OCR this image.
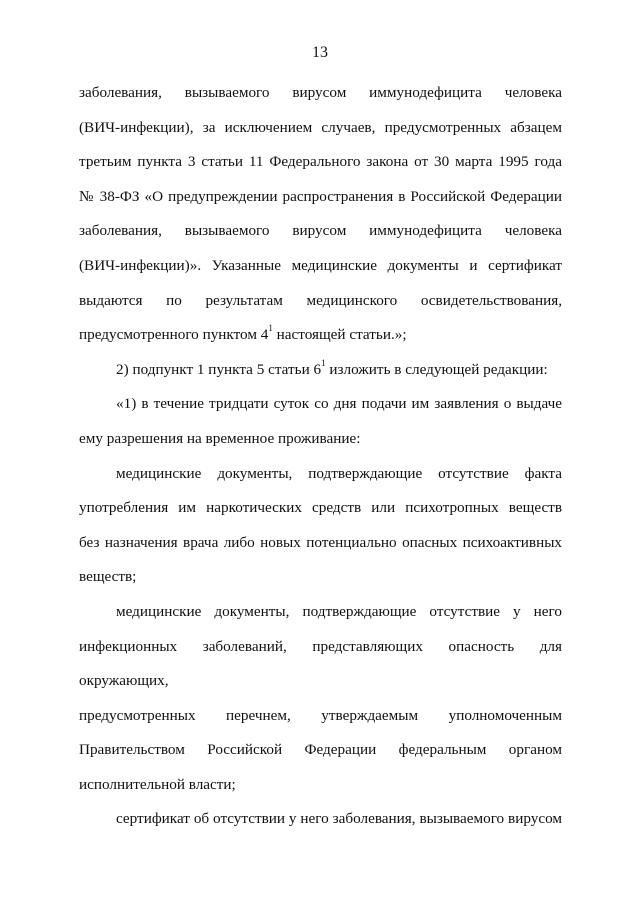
13
заболевания, вызываемого вирусом иммунодефицита человека
(ВИЧ-инфекции), за исключением случаев, предусмотренных абзацем
третьим пункта 3 статьи 11 Федерального закона от 30 марта 1995 года
№ 38-ФЗ «О предупреждении распространения в Российской Федерации
заболевания, вызываемого вирусом иммунодефицита человека
(ВИЧ-инфекции)». Указанные медицинские документы и сертификат
выдаются по результатам медицинского освидетельствования,
предусмотренного пунктом $4^1$ настоящей статьи.»;
2) подпункт 1 пункта 5 статьи $6^1$ изложить в следующей редакции:
«1) в течение тридцати суток со дня подачи им заявления о выдаче
ему разрешения на временное проживание:
медицинские документы, подтверждающие отсутствие факта
употребления им наркотических средств или психотропных веществ
без назначения врача либо новых потенциально опасных психоактивных
веществ;
медицинские документы, подтверждающие отсутствие у него
инфекционных заболеваний, представляющих опасность для окружающих,
предусмотренных перечнем, утверждаемым уполномоченным
Правительством Российской Федерации федеральным органом
исполнительной власти;
сертификат об отсутствии у него заболевания, вызываемого вирусом
